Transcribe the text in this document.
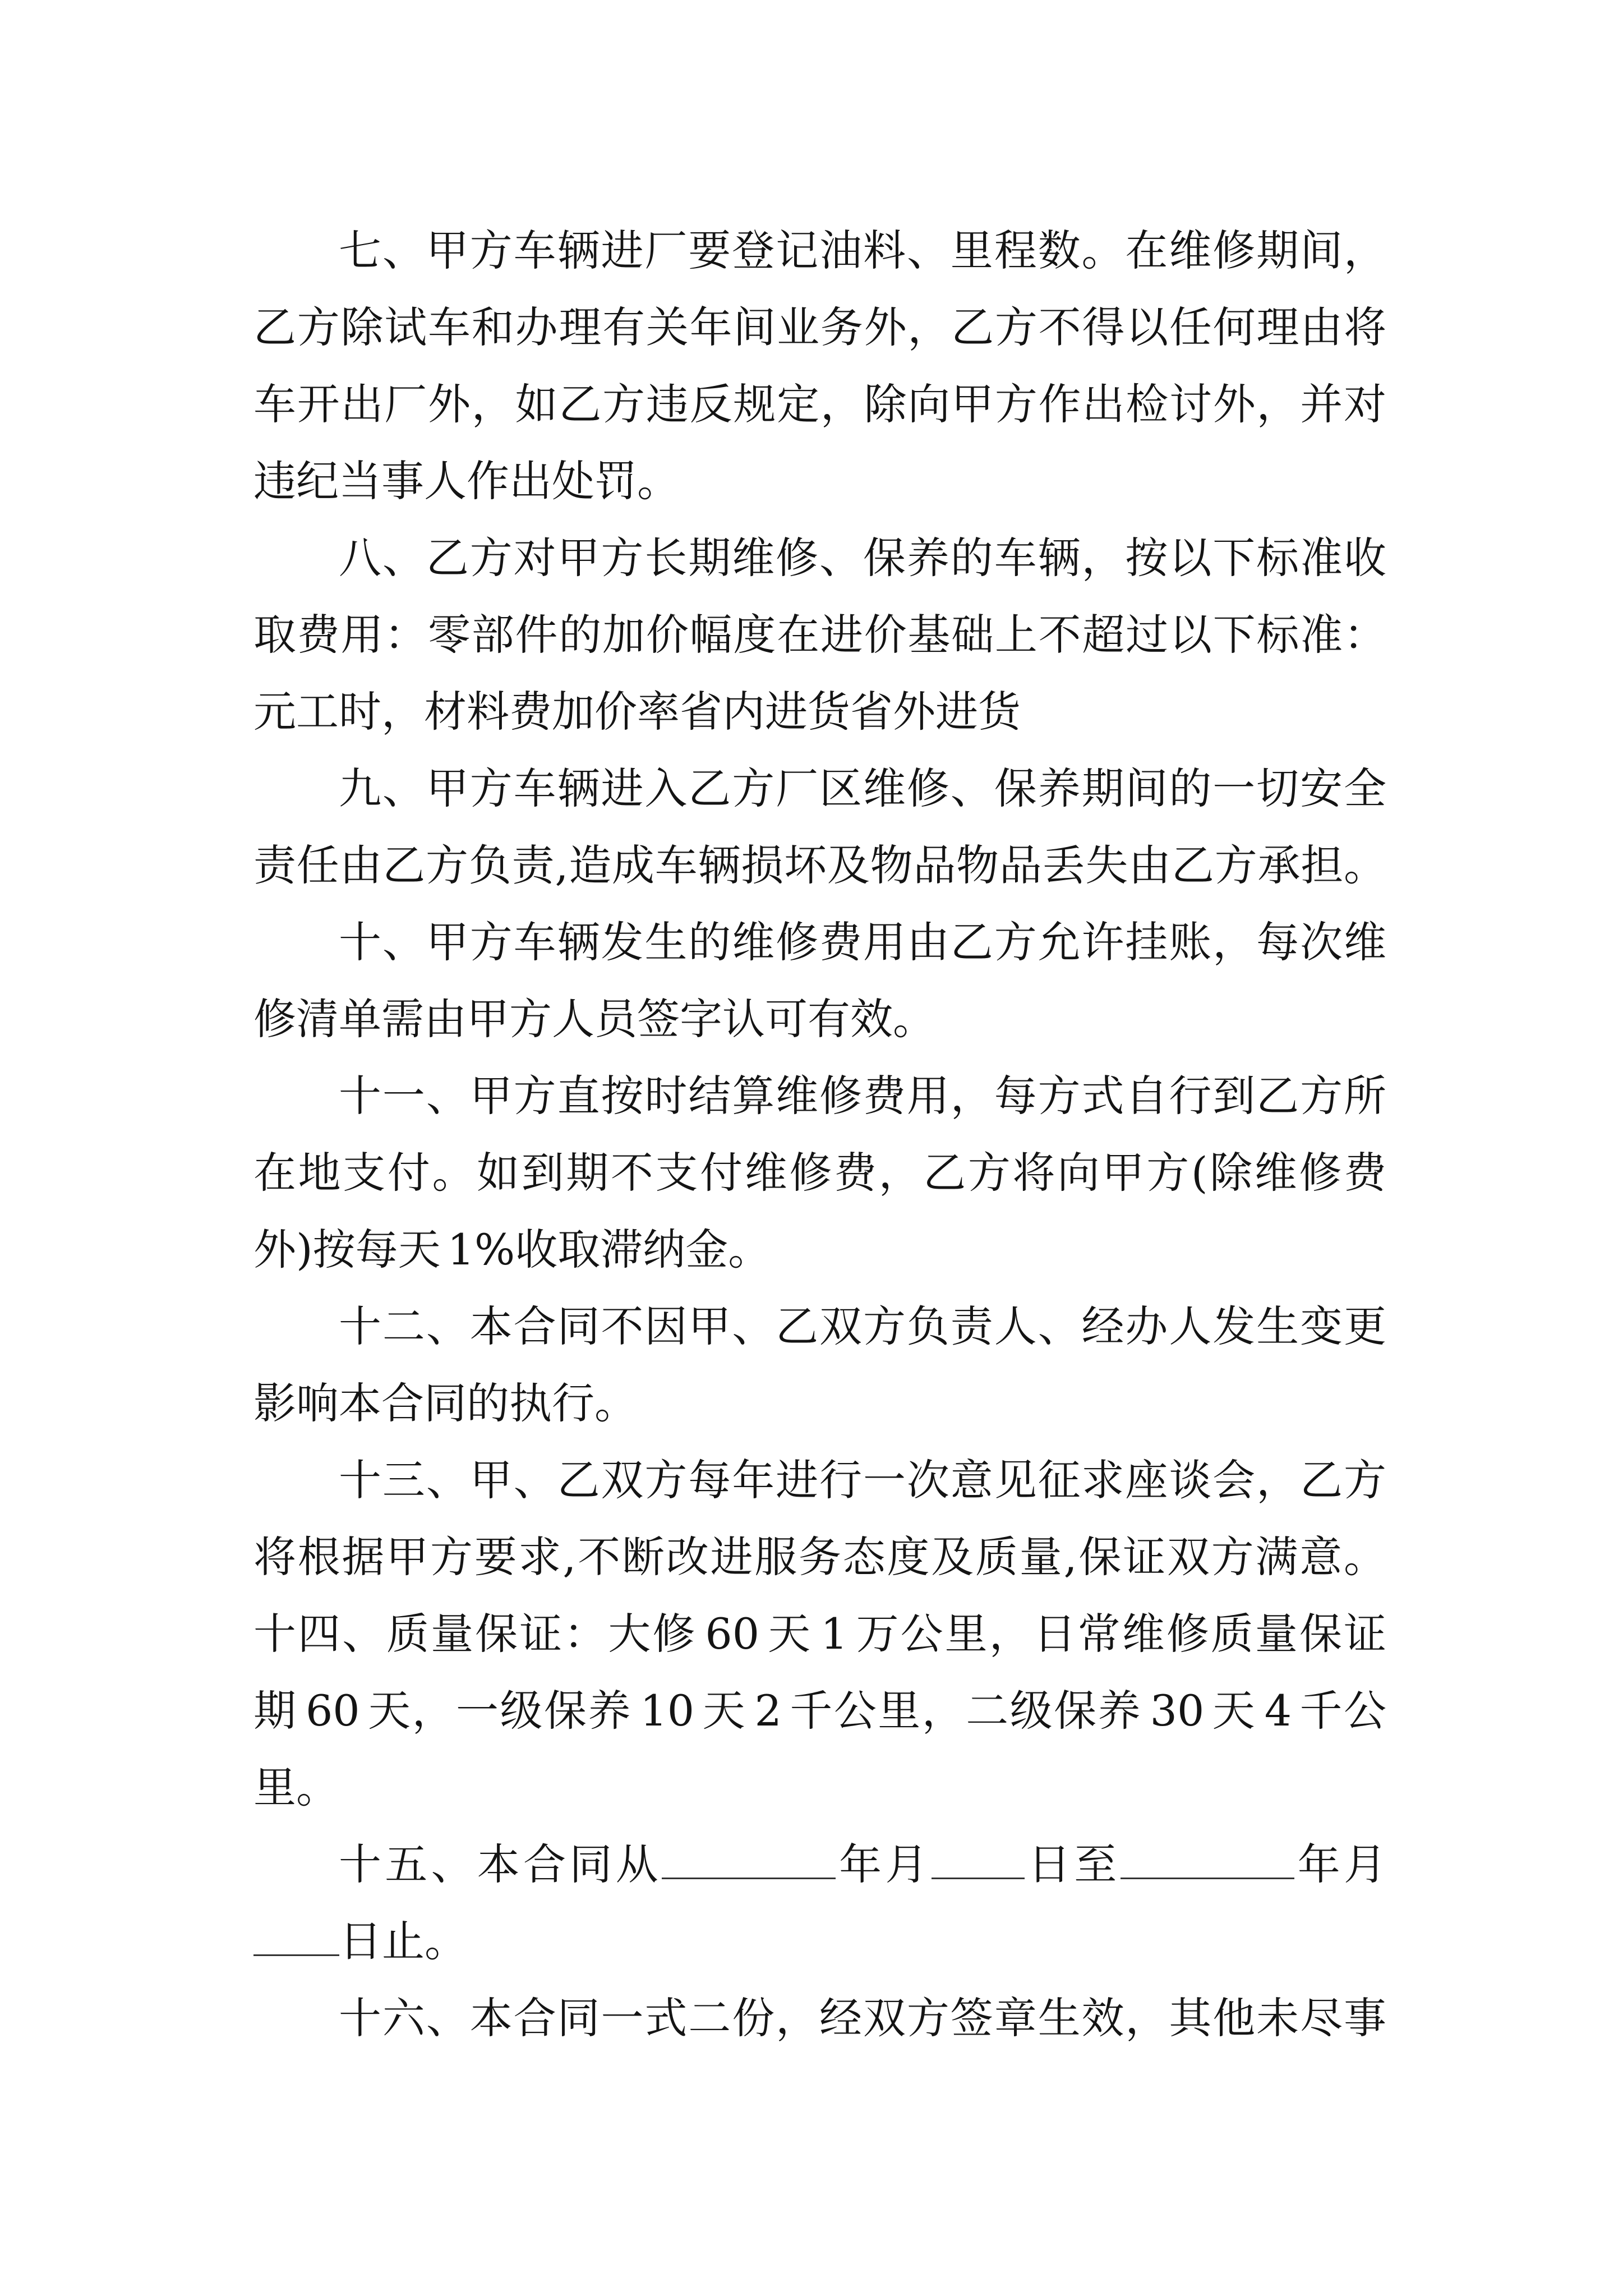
七、甲方车辆进厂要登记油料、里程数。在维修期间，
乙方除试车和办理有关年间业务外，乙方不得以任何理由将
车开出厂外，如乙方违反规定，除向甲方作出检讨外，并对
违纪当事人作出处罚。
八、乙方对甲方长期维修、保养的车辆，按以下标准收
取费用：零部件的加价幅度在进价基础上不超过以下标准：
元工时，材料费加价率省内进货省外进货
九、甲方车辆进入乙方厂区维修、保养期间的一切安全
责任由乙方负责,造成车辆损坏及物品物品丢失由乙方承担。
十、甲方车辆发生的维修费用由乙方允许挂账，每次维
修清单需由甲方人员签字认可有效。
十一、甲方直按时结算维修费用，每方式自行到乙方所
在地支付。如到期不支付维修费，乙方将向甲方(除维修费
外)按每天 1%收取滞纳金。
十二、本合同不因甲、乙双方负责人、经办人发生变更
影响本合同的执行。
十三、甲、乙双方每年进行一次意见征求座谈会，乙方
将根据甲方要求,不断改进服务态度及质量,保证双方满意。
十四、质量保证：大修 60 天 1 万公里，日常维修质量保证
期 60 天，一级保养 10 天 2 千公里，二级保养 30 天 4 千公
里。
十五、本合同从	年月 日至	年月
日止。
十六、本合同一式二份，经双方签章生效，其他未尽事
